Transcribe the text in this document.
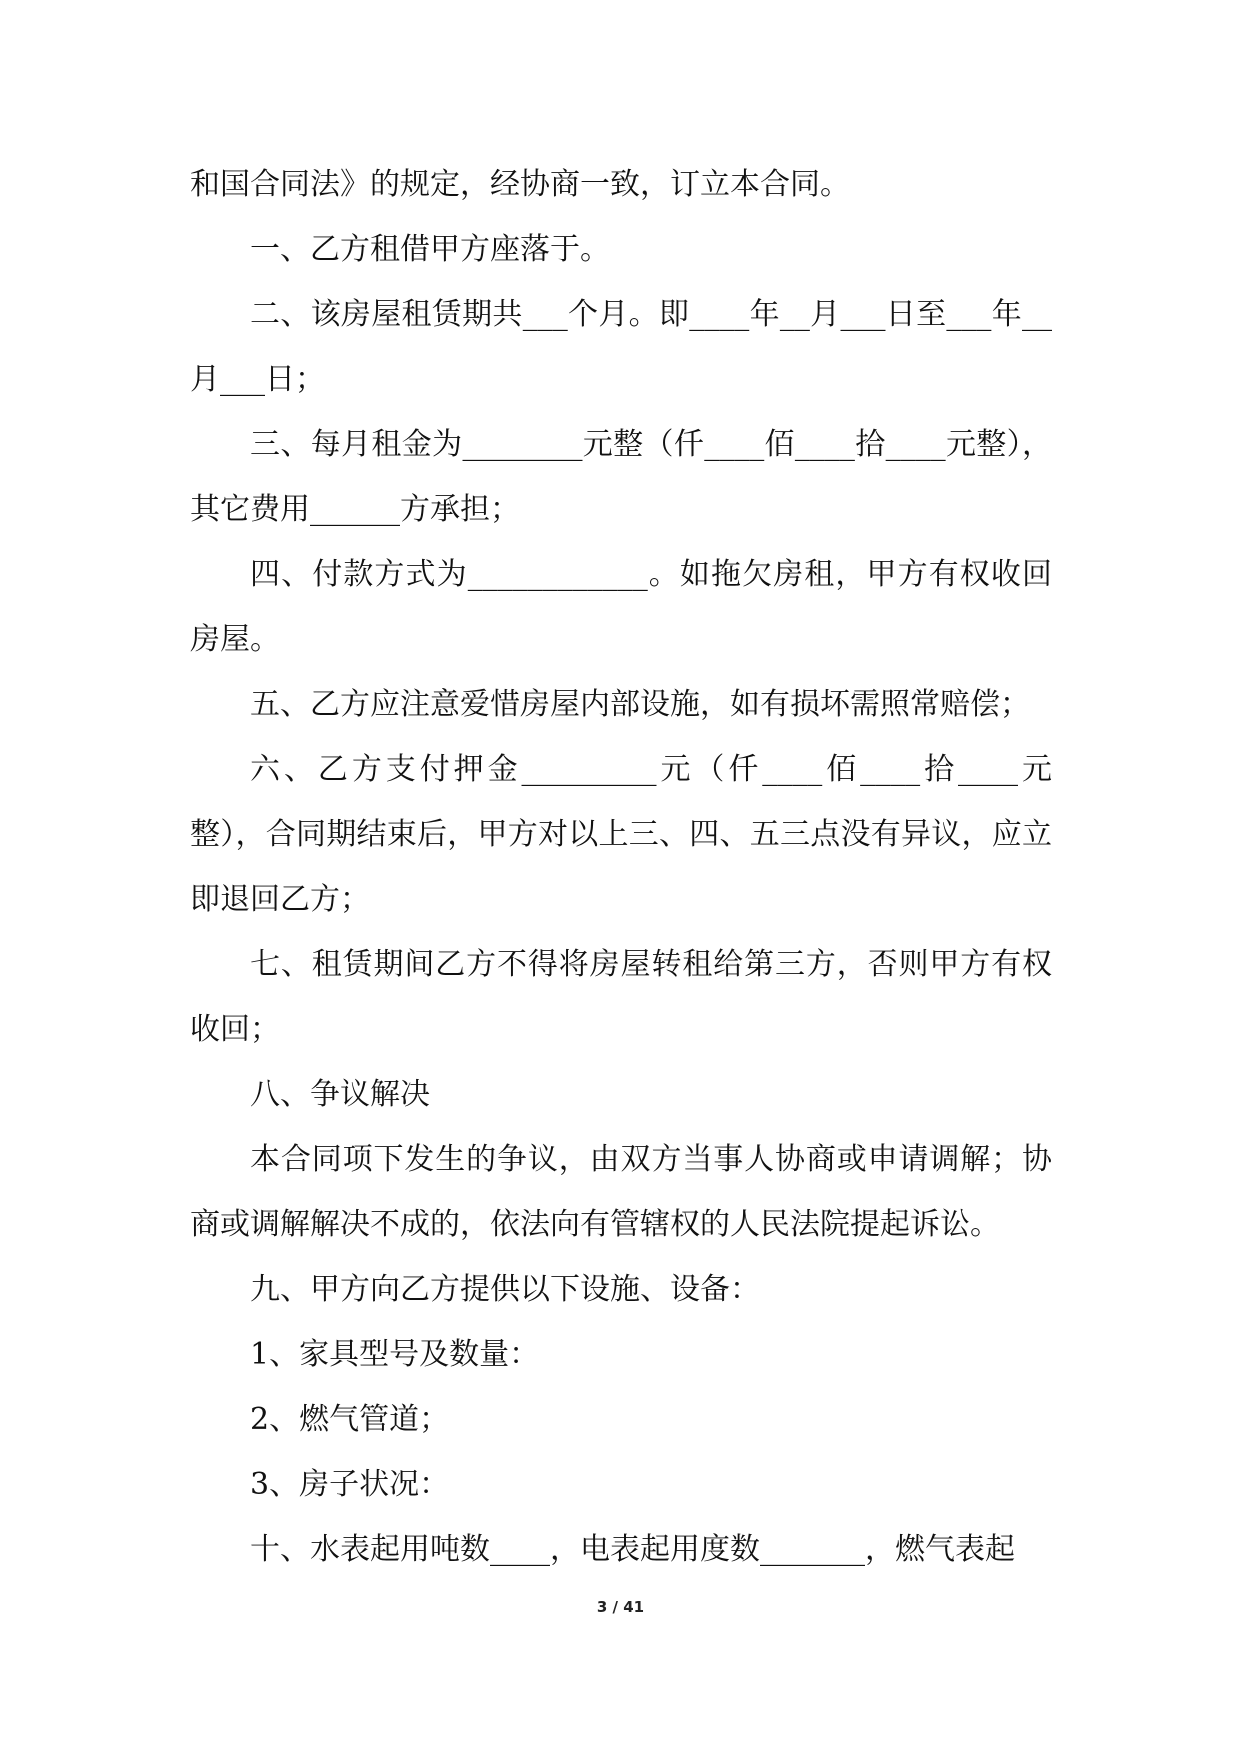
和国合同法》的规定，经协商一致，订立本合同。

一、乙方租借甲方座落于。

二、该房屋租赁期共___个月。即____年__月___日至___年__月___日；

三、每月租金为________元整（仟____佰____拾____元整），其它费用______方承担；

四、付款方式为____________。如拖欠房租，甲方有权收回房屋。

五、乙方应注意爱惜房屋内部设施，如有损坏需照常赔偿；

六、乙方支付押金_________元（仟____佰____拾____元整），合同期结束后，甲方对以上三、四、五三点没有异议，应立即退回乙方；

七、租赁期间乙方不得将房屋转租给第三方，否则甲方有权收回；

八、争议解决

本合同项下发生的争议，由双方当事人协商或申请调解；协商或调解解决不成的，依法向有管辖权的人民法院提起诉讼。

九、甲方向乙方提供以下设施、设备：

1、家具型号及数量：

2、燃气管道；

3、房子状况：

十、水表起用吨数____，电表起用度数_______，燃气表起

3 / 41
